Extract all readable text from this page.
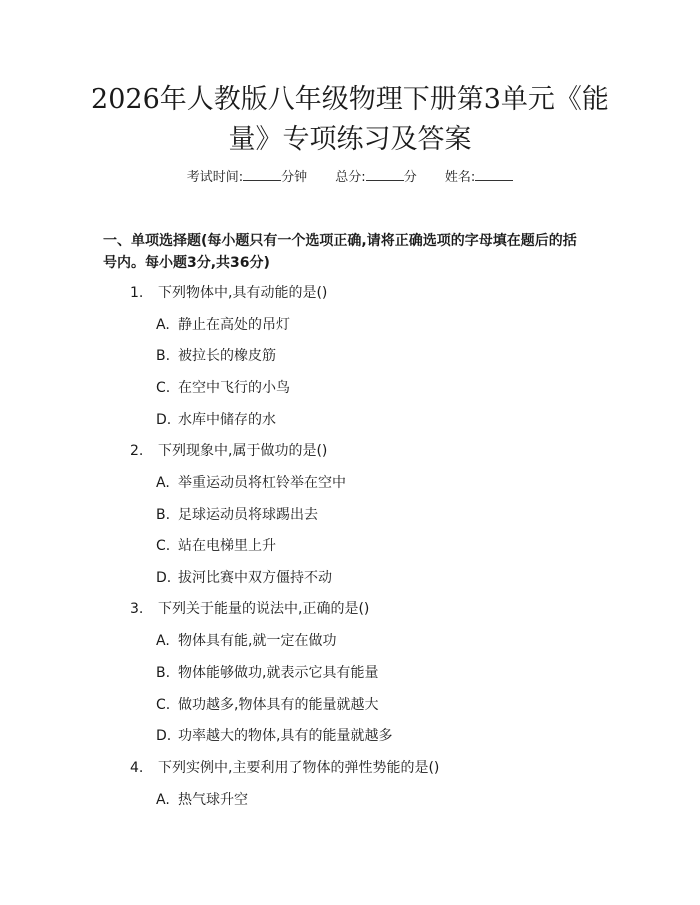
2026年人教版八年级物理下册第3单元《能
量》专项练习及答案
考试时间:	分钟 总分:	分 姓名:
一、单项选择题(每小题只有一个选项正确,请将正确选项的字母填在题后的括
号内。每小题3分,共36分)
1. 下列物体中,具有动能的是()
A. 静止在高处的吊灯
B. 被拉长的橡皮筋
C. 在空中飞行的小鸟
D. 水库中储存的水
2. 下列现象中,属于做功的是()
A. 举重运动员将杠铃举在空中
B. 足球运动员将球踢出去
C. 站在电梯里上升
D. 拔河比赛中双方僵持不动
3. 下列关于能量的说法中,正确的是()
A. 物体具有能,就一定在做功
B. 物体能够做功,就表示它具有能量
C. 做功越多,物体具有的能量就越大
D. 功率越大的物体,具有的能量就越多
4. 下列实例中,主要利用了物体的弹性势能的是()
A. 热气球升空
